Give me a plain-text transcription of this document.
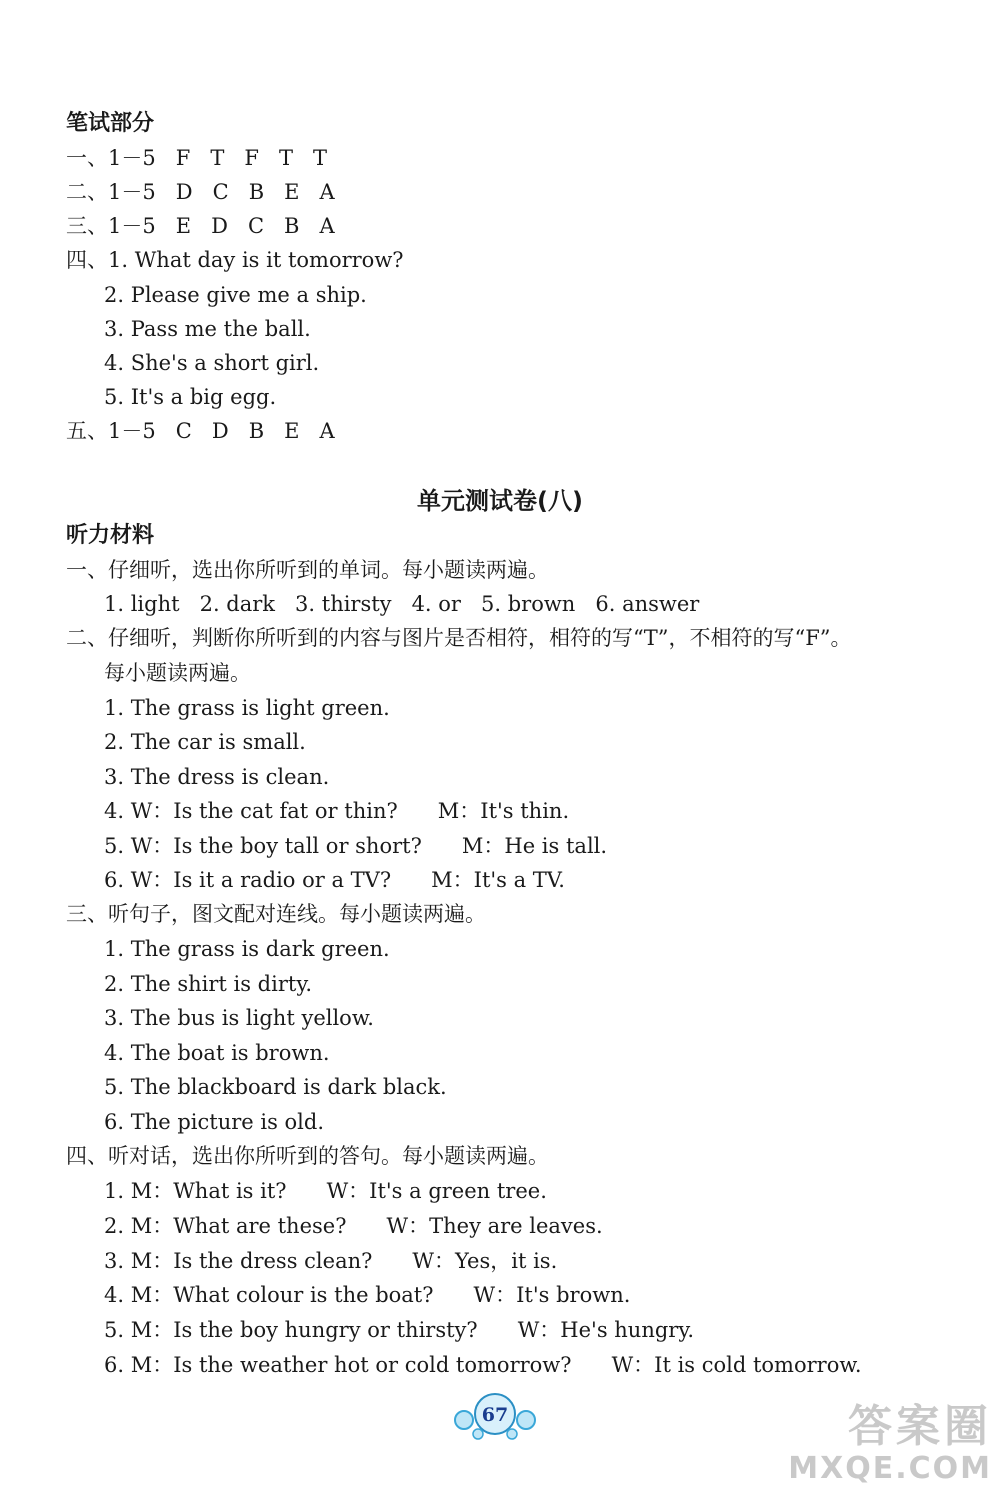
笔试部分
一、1－5   F   T   F   T   T
二、1－5   D   C   B   E   A
三、1－5   E   D   C   B   A
四、1. What day is it tomorrow?
2. Please give me a ship.
3. Pass me the ball.
4. She's a short girl.
5. It's a big egg.
五、1－5   C   D   B   E   A
单元测试卷(八)
听力材料
一、仔细听，选出你所听到的单词。每小题读两遍。
1. light   2. dark   3. thirsty   4. or   5. brown   6. answer
二、仔细听，判断你所听到的内容与图片是否相符，相符的写“T”，不相符的写“F”。
每小题读两遍。
1. The grass is light green.
2. The car is small.
3. The dress is clean.
4. W：Is the cat fat or thin?      M：It's thin.
5. W：Is the boy tall or short?      M：He is tall.
6. W：Is it a radio or a TV?      M：It's a TV.
三、听句子，图文配对连线。每小题读两遍。
1. The grass is dark green.
2. The shirt is dirty.
3. The bus is light yellow.
4. The boat is brown.
5. The blackboard is dark black.
6. The picture is old.
四、听对话，选出你所听到的答句。每小题读两遍。
1. M：What is it?      W：It's a green tree.
2. M：What are these?      W：They are leaves.
3. M：Is the dress clean?      W：Yes，it is.
4. M：What colour is the boat?      W：It's brown.
5. M：Is the boy hungry or thirsty?      W：He's hungry.
6. M：Is the weather hot or cold tomorrow?      W：It is cold tomorrow.
67	答案圈
MXQE.COM
